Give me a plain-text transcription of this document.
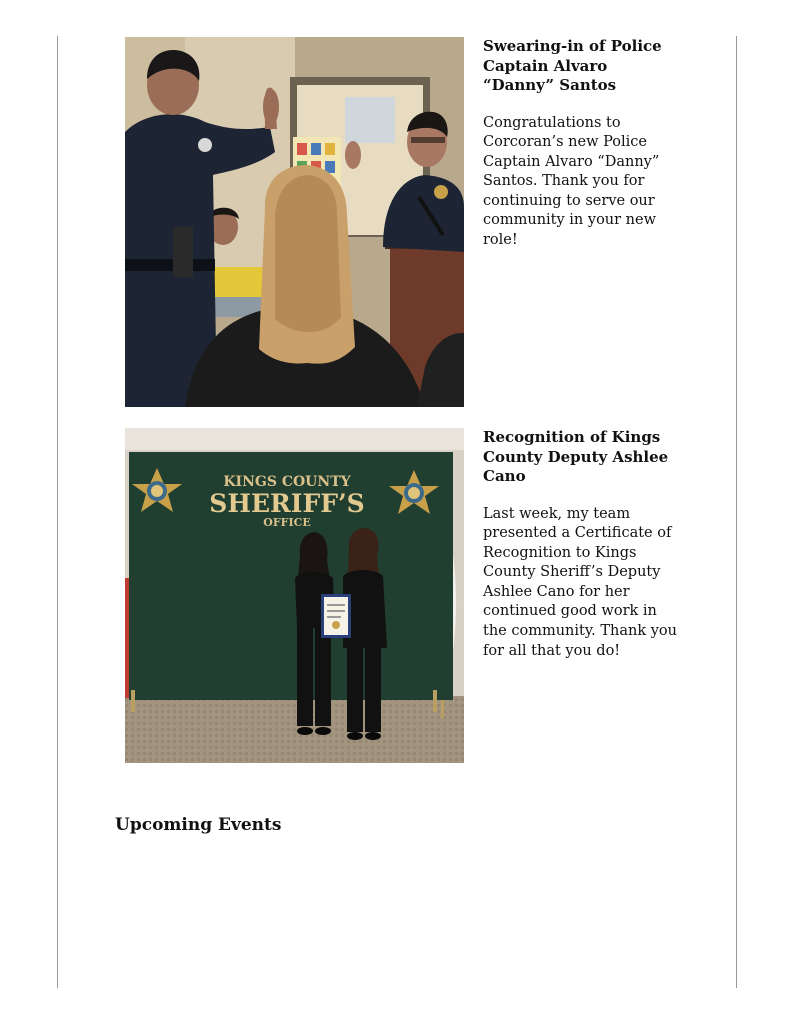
Swearing-in of Police Captain Alvaro “Danny” Santos

Congratulations to Corcoran’s new Police Captain Alvaro “Danny” Santos. Thank you for continuing to serve our community in your new role!

KINGS COUNTY
SHERIFF’S
OFFICE
Recognition of Kings County Deputy Ashlee Cano

Last week, my team presented a Certificate of Recognition to Kings County Sheriff’s Deputy Ashlee Cano for her continued good work in the community. Thank you for all that you do!

Upcoming Events
